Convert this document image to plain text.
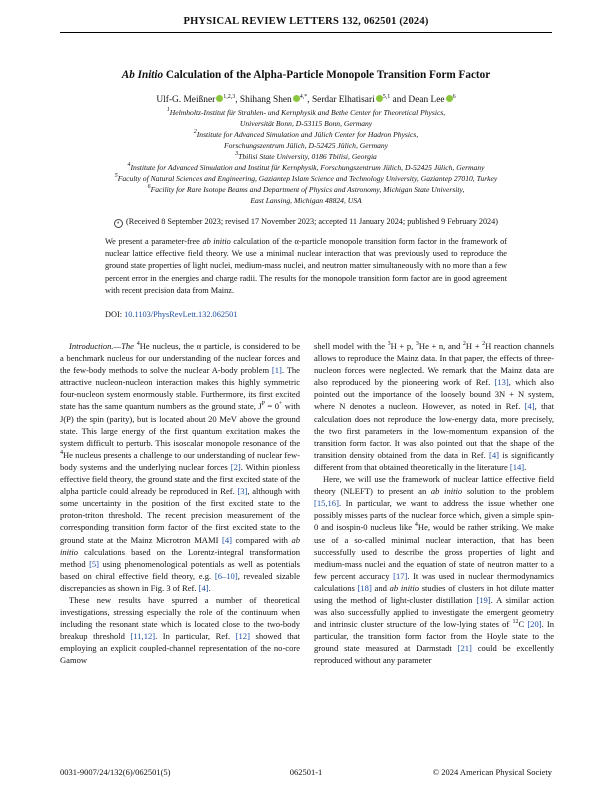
PHYSICAL REVIEW LETTERS 132, 062501 (2024)
Ab Initio Calculation of the Alpha-Particle Monopole Transition Form Factor
Ulf-G. Meißner $^{1,2,3}$, Shihang Shen $^{4,*}$, Serdar Elhatisari $^{5,1}$ and Dean Lee $^6$
$^1$Helmholtz-Institut für Strahlen- und Kernphysik and Bethe Center for Theoretical Physics,
Universität Bonn, D-53115 Bonn, Germany
$^2$Institute for Advanced Simulation and Jülich Center for Hadron Physics,
Forschungszentrum Jülich, D-52425 Jülich, Germany
$^3$Tbilisi State University, 0186 Tbilisi, Georgia
$^4$Institute for Advanced Simulation and Institut für Kernphysik, Forschungszentrum Jülich, D-52425 Jülich, Germany
$^5$Faculty of Natural Sciences and Engineering, Gaziantep Islam Science and Technology University, Gaziantep 27010, Turkey
$^6$Facility for Rare Isotope Beams and Department of Physics and Astronomy, Michigan State University,
East Lansing, Michigan 48824, USA
◐ (Received 8 September 2023; revised 17 November 2023; accepted 11 January 2024; published 9 February 2024)
We present a parameter-free ab initio calculation of the α-particle monopole transition form factor in the framework of nuclear lattice effective field theory. We use a minimal nuclear interaction that was previously used to reproduce the ground state properties of light nuclei, medium-mass nuclei, and neutron matter simultaneously with no more than a few percent error in the energies and charge radii. The results for the monopole transition form factor are in good agreement with recent precision data from Mainz.
DOI: 10.1103/PhysRevLett.132.062501

Introduction.—The $^4$He nucleus, the α particle, is considered to be a benchmark nucleus for our understanding of the nuclear forces and the few-body methods to solve the nuclear A-body problem [1]. The attractive nucleon-nucleon interaction makes this highly symmetric four-nucleon system enormously stable. Furthermore, its first excited state has the same quantum numbers as the ground state, $J^P = 0^+$ with J(P) the spin (parity), but is located about 20 MeV above the ground state. This large energy of the first quantum excitation makes the system difficult to perturb. This isoscalar monopole resonance of the $^4$He nucleus presents a challenge to our understanding of nuclear few-body systems and the underlying nuclear forces [2]. Within pionless effective field theory, the ground state and the first excited state of the alpha particle could already be reproduced in Ref. [3], although with some uncertainty in the position of the first excited state to the proton-triton threshold. The recent precision measurement of the corresponding transition form factor of the first excited state to the ground state at the Mainz Microtron MAMI [4] compared with ab initio calculations based on the Lorentz-integral transformation method [5] using phenomenological potentials as well as potentials based on chiral effective field theory, e.g. [6–10], revealed sizable discrepancies as shown in Fig. 3 of Ref. [4].

These new results have spurred a number of theoretical investigations, stressing especially the role of the continuum when including the resonant state which is located close to the two-body breakup threshold [11,12]. In particular, Ref. [12] showed that employing an explicit coupled-channel representation of the no-core Gamow

shell model with the $^3$H + p, $^3$He + n, and $^2$H + $^2$H reaction channels allows to reproduce the Mainz data. In that paper, the effects of three-nucleon forces were neglected. We remark that the Mainz data are also reproduced by the pioneering work of Ref. [13], which also pointed out the importance of the loosely bound 3N + N system, where N denotes a nucleon. However, as noted in Ref. [4], that calculation does not reproduce the low-energy data, more precisely, the two first parameters in the low-momentum expansion of the transition form factor. It was also pointed out that the shape of the transition density obtained from the data in Ref. [4] is significantly different from that obtained theoretically in the literature [14].

Here, we will use the framework of nuclear lattice effective field theory (NLEFT) to present an ab initio solution to the problem [15,16]. In particular, we want to address the issue whether one possibly misses parts of the nuclear force which, given a simple spin-0 and isospin-0 nucleus like $^4$He, would be rather striking. We make use of a so-called minimal nuclear interaction, that has been successfully used to describe the gross properties of light and medium-mass nuclei and the equation of state of neutron matter to a few percent accuracy [17]. It was used in nuclear thermodynamics calculations [18] and ab initio studies of clusters in hot dilute matter using the method of light-cluster distillation [19]. A similar action was also successfully applied to investigate the emergent geometry and intrinsic cluster structure of the low-lying states of $^{12}$C [20]. In particular, the transition form factor from the Hoyle state to the ground state measured at Darmstadt [21] could be excellently reproduced without any parameter

0031-9007/24/132(6)/062501(5)	062501-1	© 2024 American Physical Society
